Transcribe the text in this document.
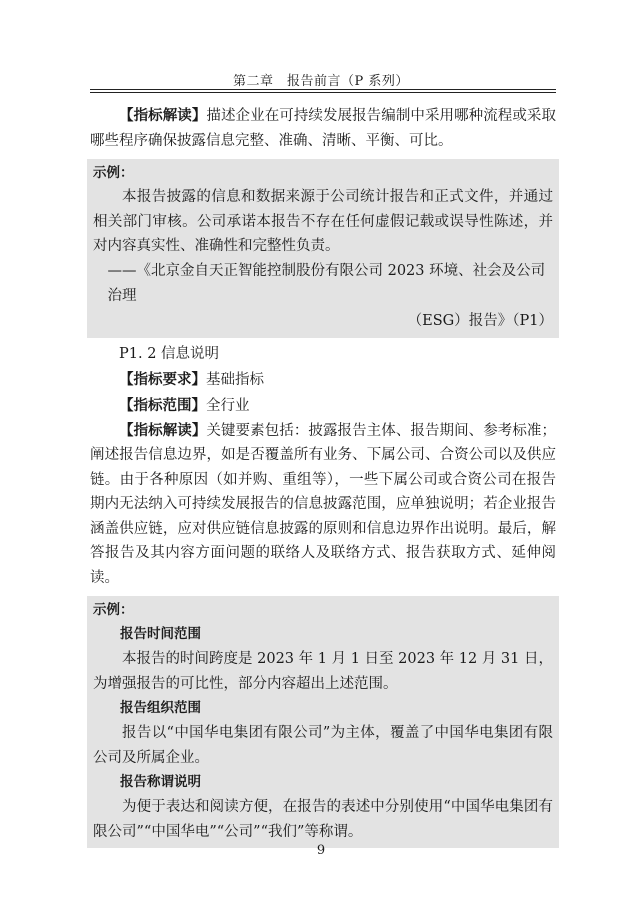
第二章　报告前言（P 系列）

【指标解读】描述企业在可持续发展报告编制中采用哪种流程或采取哪些程序确保披露信息完整、准确、清晰、平衡、可比。

示例：

本报告披露的信息和数据来源于公司统计报告和正式文件，并通过相关部门审核。公司承诺本报告不存在任何虚假记载或误导性陈述，并对内容真实性、准确性和完整性负责。

——《北京金自天正智能控制股份有限公司 2023 环境、社会及公司治理

（ESG）报告》（P1）

P1. 2 信息说明

【指标要求】基础指标

【指标范围】全行业

【指标解读】关键要素包括：披露报告主体、报告期间、参考标准；阐述报告信息边界，如是否覆盖所有业务、下属公司、合资公司以及供应链。由于各种原因（如并购、重组等），一些下属公司或合资公司在报告期内无法纳入可持续发展报告的信息披露范围，应单独说明；若企业报告涵盖供应链，应对供应链信息披露的原则和信息边界作出说明。最后，解答报告及其内容方面问题的联络人及联络方式、报告获取方式、延伸阅读。

示例：

报告时间范围

本报告的时间跨度是 2023 年 1 月 1 日至 2023 年 12 月 31 日，为增强报告的可比性，部分内容超出上述范围。

报告组织范围

报告以“中国华电集团有限公司”为主体，覆盖了中国华电集团有限公司及所属企业。

报告称谓说明

为便于表达和阅读方便，在报告的表述中分别使用“中国华电集团有限公司”“中国华电”“公司”“我们”等称谓。

9
